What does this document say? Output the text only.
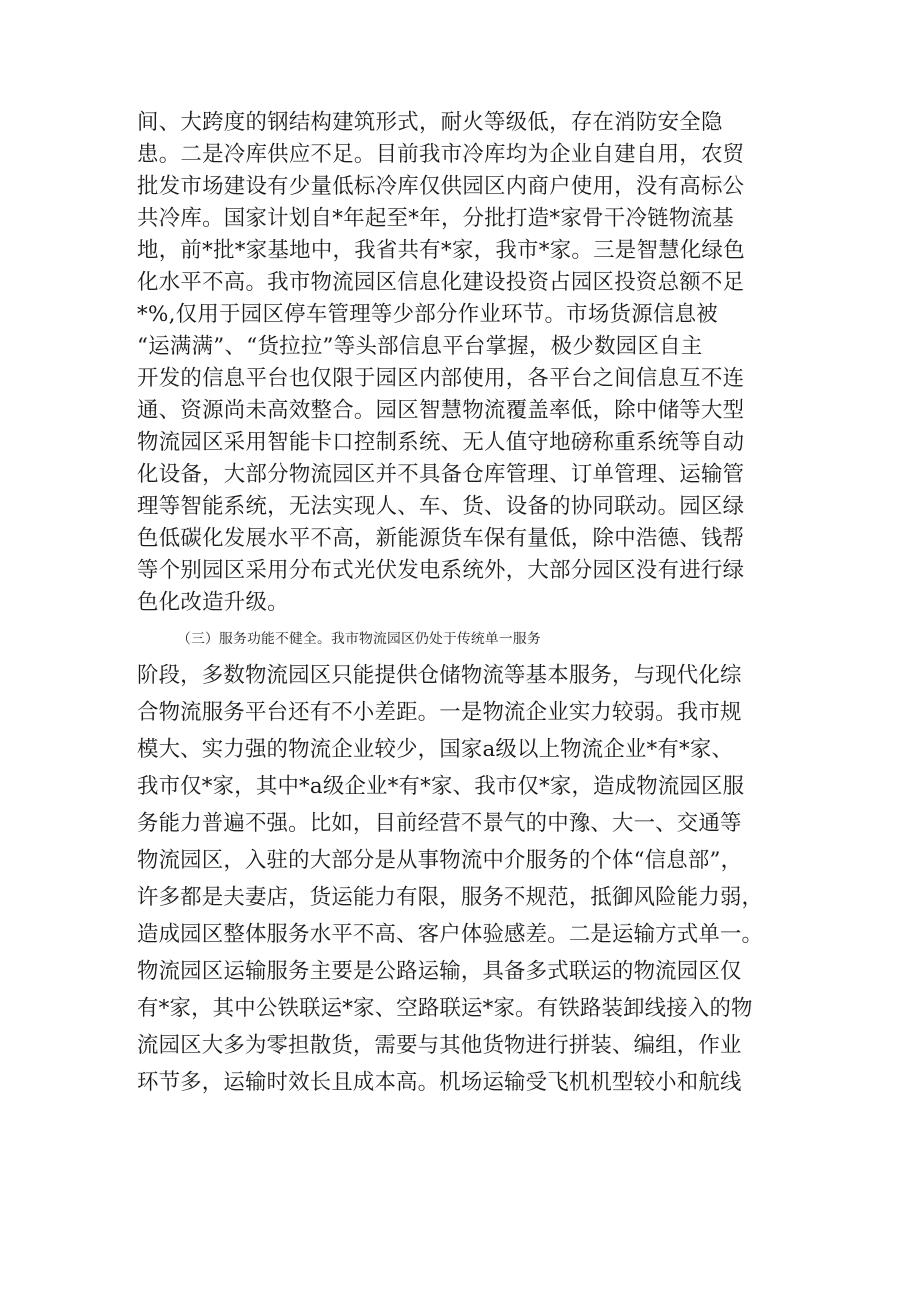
间、大跨度的钢结构建筑形式，耐火等级低，存在消防安全隐
患。二是冷库供应不足。目前我市冷库均为企业自建自用，农贸
批发市场建设有少量低标冷库仅供园区内商户使用，没有高标公
共冷库。国家计划自*年起至*年，分批打造*家骨干冷链物流基
地，前*批*家基地中，我省共有*家，我市*家。三是智慧化绿色
化水平不高。我市物流园区信息化建设投资占园区投资总额不足
*%,仅用于园区停车管理等少部分作业环节。市场货源信息被
“运满满”、“货拉拉”等头部信息平台掌握，极少数园区自主
开发的信息平台也仅限于园区内部使用，各平台之间信息互不连
通、资源尚未高效整合。园区智慧物流覆盖率低，除中储等大型
物流园区采用智能卡口控制系统、无人值守地磅称重系统等自动
化设备，大部分物流园区并不具备仓库管理、订单管理、运输管
理等智能系统，无法实现人、车、货、设备的协同联动。园区绿
色低碳化发展水平不高，新能源货车保有量低，除中浩德、钱帮
等个别园区采用分布式光伏发电系统外，大部分园区没有进行绿
色化改造升级。
（三）服务功能不健全。我市物流园区仍处于传统单一服务
阶段，多数物流园区只能提供仓储物流等基本服务，与现代化综
合物流服务平台还有不小差距。一是物流企业实力较弱。我市规
模大、实力强的物流企业较少，国家a级以上物流企业*有*家、
我市仅*家，其中*a级企业*有*家、我市仅*家，造成物流园区服
务能力普遍不强。比如，目前经营不景气的中豫、大一、交通等
物流园区，入驻的大部分是从事物流中介服务的个体“信息部”，
许多都是夫妻店，货运能力有限，服务不规范，抵御风险能力弱，
造成园区整体服务水平不高、客户体验感差。二是运输方式单一。
物流园区运输服务主要是公路运输，具备多式联运的物流园区仅
有*家，其中公铁联运*家、空路联运*家。有铁路装卸线接入的物
流园区大多为零担散货，需要与其他货物进行拼装、编组，作业
环节多，运输时效长且成本高。机场运输受飞机机型较小和航线
